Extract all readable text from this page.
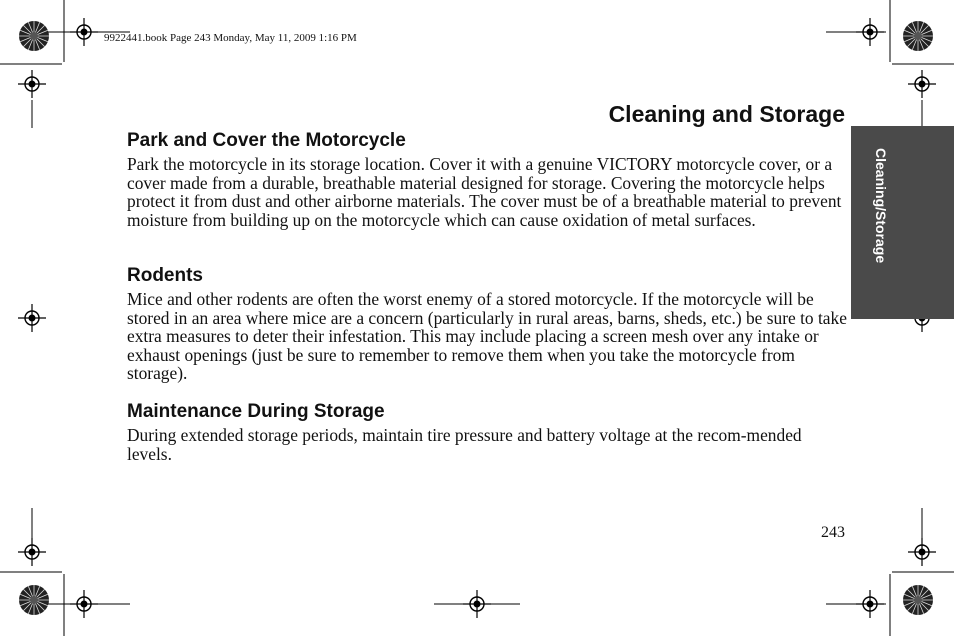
9922441.book Page 243 Monday, May 11, 2009 1:16 PM
Cleaning/Storage
Cleaning and Storage
Park and Cover the Motorcycle

Park the motorcycle in its storage location. Cover it with a genuine VICTORY motorcycle cover, or a cover made from a durable, breathable material designed for storage. Covering the motorcycle helps protect it from dust and other airborne materials. The cover must be of a breathable material to prevent moisture from building up on the motorcycle which can cause oxidation of metal surfaces.

Rodents

Mice and other rodents are often the worst enemy of a stored motorcycle. If the motorcycle will be stored in an area where mice are a concern (particularly in rural areas, barns, sheds, etc.) be sure to take extra measures to deter their infestation. This may include placing a screen mesh over any intake or exhaust openings (just be sure to remember to remove them when you take the motorcycle from storage).

Maintenance During Storage

During extended storage periods, maintain tire pressure and battery voltage at the recom-mended levels.

243
